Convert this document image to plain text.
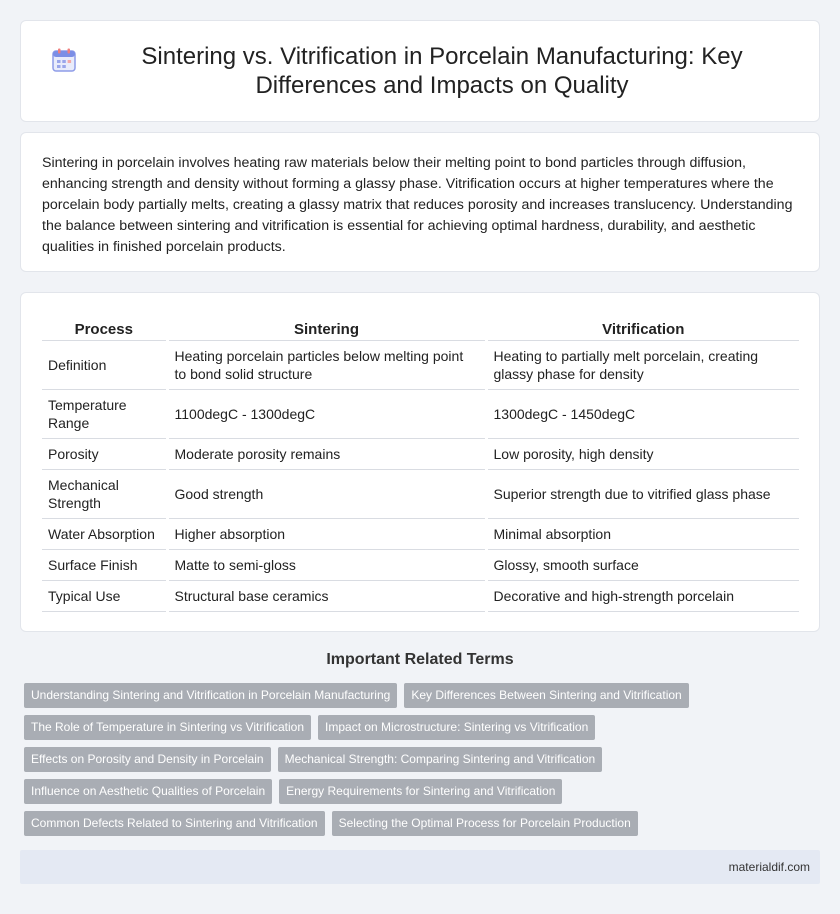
Sintering vs. Vitrification in Porcelain Manufacturing: Key Differences and Impacts on Quality

Sintering in porcelain involves heating raw materials below their melting point to bond particles through diffusion, enhancing strength and density without forming a glassy phase. Vitrification occurs at higher temperatures where the porcelain body partially melts, creating a glassy matrix that reduces porosity and increases translucency. Understanding the balance between sintering and vitrification is essential for achieving optimal hardness, durability, and aesthetic qualities in finished porcelain products.

Process	Sintering	Vitrification
Definition	Heating porcelain particles below melting point to bond solid structure	Heating to partially melt porcelain, creating glassy phase for density
Temperature Range	1100degC - 1300degC	1300degC - 1450degC
Porosity	Moderate porosity remains	Low porosity, high density
Mechanical Strength	Good strength	Superior strength due to vitrified glass phase
Water Absorption	Higher absorption	Minimal absorption
Surface Finish	Matte to semi-gloss	Glossy, smooth surface
Typical Use	Structural base ceramics	Decorative and high-strength porcelain
Important Related Terms
Understanding Sintering and Vitrification in Porcelain Manufacturing	Key Differences Between Sintering and Vitrification
The Role of Temperature in Sintering vs Vitrification	Impact on Microstructure: Sintering vs Vitrification
Effects on Porosity and Density in Porcelain	Mechanical Strength: Comparing Sintering and Vitrification
Influence on Aesthetic Qualities of Porcelain	Energy Requirements for Sintering and Vitrification
Common Defects Related to Sintering and Vitrification	Selecting the Optimal Process for Porcelain Production
materialdif.com
